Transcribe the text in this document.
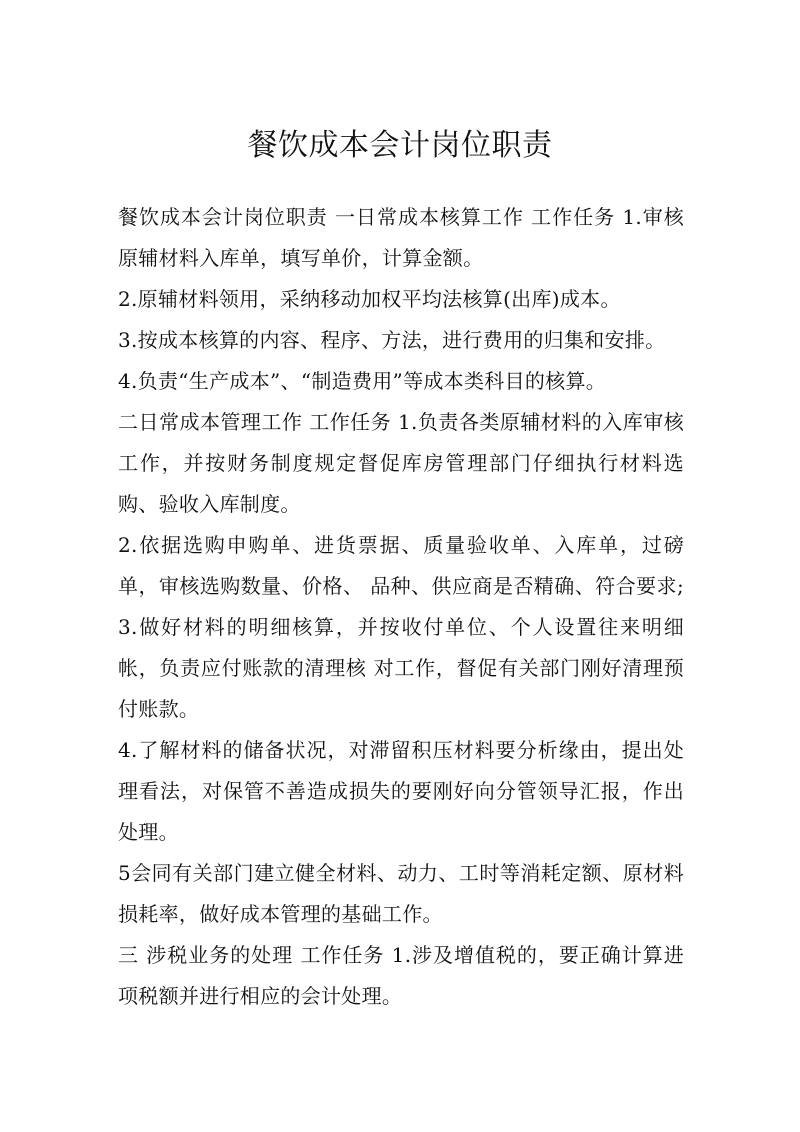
餐饮成本会计岗位职责

餐饮成本会计岗位职责 一日常成本核算工作 工作任务 1.审核原辅材料入库单，填写单价，计算金额。

2.原辅材料领用，采纳移动加权平均法核算(出库)成本。

3.按成本核算的内容、程序、方法，进行费用的归集和安排。

4.负责“生产成本”、“制造费用”等成本类科目的核算。

二日常成本管理工作 工作任务 1.负责各类原辅材料的入库审核工作，并按财务制度规定督促库房管理部门仔细执行材料选购、验收入库制度。

2.依据选购申购单、进货票据、质量验收单、入库单，过磅单，审核选购数量、价格、 品种、供应商是否精确、符合要求; 3.做好材料的明细核算，并按收付单位、个人设置往来明细帐，负责应付账款的清理核 对工作，督促有关部门刚好清理预付账款。

4.了解材料的储备状况，对滞留积压材料要分析缘由，提出处理看法，对保管不善造成损失的要刚好向分管领导汇报，作出处理。

5会同有关部门建立健全材料、动力、工时等消耗定额、原材料损耗率，做好成本管理的基础工作。

三 涉税业务的处理 工作任务 1.涉及增值税的，要正确计算进项税额并进行相应的会计处理。
